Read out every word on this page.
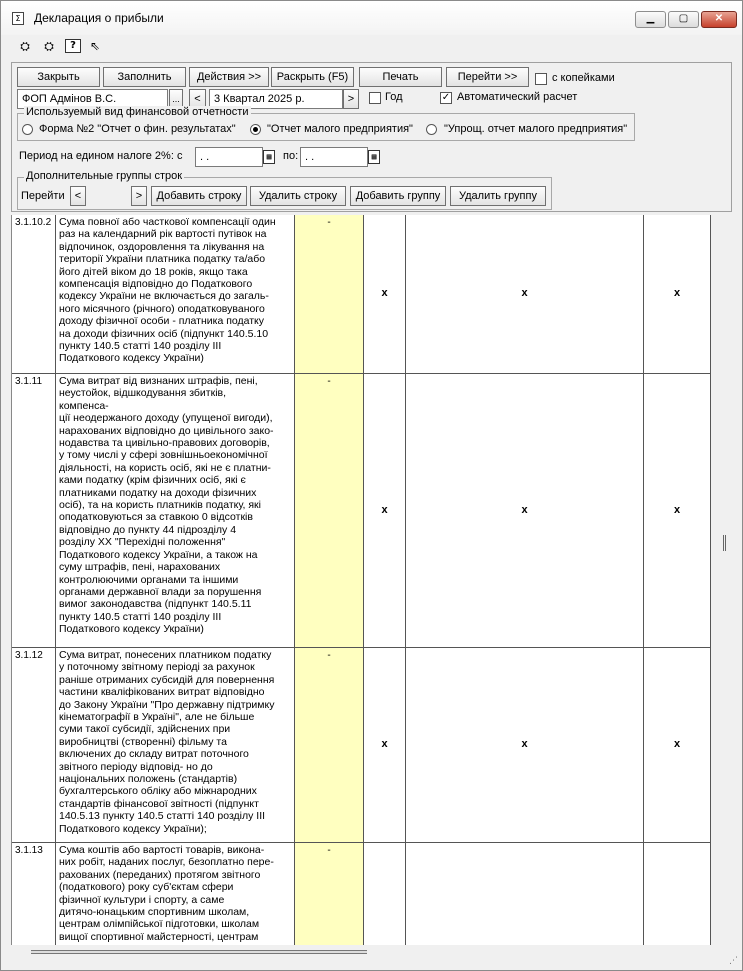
Σ Декларация о прибыли	▁	▢	✕
⛭ ⛭	?	⇖
Закрыть	Заполнить	Действия >>	Раскрыть (F5)	Печать	Перейти >>	с копейками
ФОП Адмінов В.С.	...	<	3 Квартал 2025 р.	>	Год	✓ Автоматический расчет
Используемый вид финансовой отчетности
Форма №2 "Отчет о фин. результатах"	"Отчет малого предприятия"	"Упрощ. отчет малого предприятия"
Период на едином налоге 2%: с	. .	▦	по: . .	▦
Дополнительные группы строк
Перейти <	>	Добавить строку	Удалить строку	Добавить группу	Удалить группу
3.1.10.2 Сума повної або часткової компенсації один
раз на календарний рік вартості путівок на
відпочинок, оздоровлення та лікування на
території України платника податку та/або
його дітей віком до 18 років, якщо така
компенсація відповідно до Податкового
кодексу України не включається до загаль-
ного місячного (річного) оподатковуваного
доходу фізичної особи - платника податку
на доходи фізичних осіб (підпункт 140.5.10
пункту 140.5 статті 140 розділу III
Податкового кодексу України)
-
x	x	x
3.1.11	Сума витрат від визнаних штрафів, пені,
неустойок, відшкодування збитків,
компенса-
ції неодержаного доходу (упущеної вигоди),
нарахованих відповідно до цивільного зако-
нодавства та цивільно-правових договорів,
у тому числі у сфері зовнішньоекономічної
діяльності, на користь осіб, які не є платни-
ками податку (крім фізичних осіб, які є
платниками податку на доходи фізичних
осіб), та на користь платників податку, які
оподатковуються за ставкою 0 відсотків
відповідно до пункту 44 підрозділу 4
розділу XX "Перехідні положення"
Податкового кодексу України, а також на
суму штрафів, пені, нарахованих
контролюючими органами та іншими
органами державної влади за порушення
вимог законодавства (підпункт 140.5.11
пункту 140.5 статті 140 розділу III
Податкового кодексу України)
-
x	x	x
3.1.12	Сума витрат, понесених платником податку
у поточному звітному періоді за рахунок
раніше отриманих субсидій для повернення
частини кваліфікованих витрат відповідно
до Закону України "Про державну підтримку
кінематографії в Україні", але не більше
суми такої субсидії, здійснених при
виробництві (створенні) фільму та
включених до складу витрат поточного
звітного періоду відповід- но до
національних положень (стандартів)
бухгалтерського обліку або міжнародних
стандартів фінансової звітності (підпункт
140.5.13 пункту 140.5 статті 140 розділу III
Податкового кодексу України);
-
x	x	x
3.1.13	Сума коштів або вартості товарів, викона-
них робіт, наданих послуг, безоплатно пере-
рахованих (переданих) протягом звітного
(податкового) року суб'єктам сфери
фізичної культури і спорту, а саме
дитячо-юнацьким спортивним школам,
центрам олімпійської підготовки, школам
вищої спортивної майстерності, центрам
-
⋰
